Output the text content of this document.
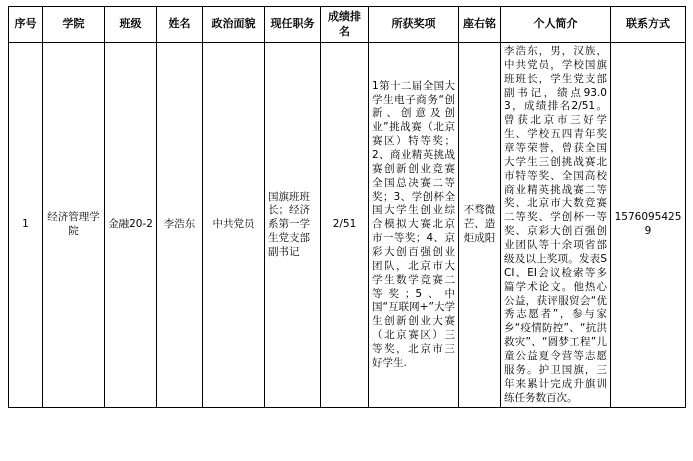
序号	学院	班级	姓名	政治面貌	现任职务	成绩排名	所获奖项	座右铭	个人简介	联系方式
1	经济管理学院	金融20-2	李浩东	中共党员	国旗班班长；经济系第一学生党支部副书记	2/51	1第十二届全国大学生电子商务“创新、创意及创业”挑战赛（北京赛区）特等奖；2、商业精英挑战赛创新创业竞赛全国总决赛二等奖；3、学创杯全国大学生创业综合模拟大赛北京市一等奖；4、京彩大创百强创业团队，北京市大学生数学竞赛二等奖；5、中国“互联网+”大学生创新创业大赛（北京赛区）三等奖，北京市三好学生.	不骛微芒、造炬成阳	李浩东，男，汉族，中共党员，学校国旗班班长，学生党支部副书记，绩点93.03，成绩排名2/51。曾获北京市三好学生、学校五四青年奖章等荣誉，曾获全国大学生三创挑战赛北市特等奖、全国高校商业精英挑战赛二等奖、北京市大数竞赛二等奖、学创杯一等奖、京彩大创百强创业团队等十余项省部级及以上奖项。发表SCI、EI会议检索等多篇学术论文。他热心公益，获评服贸会“优秀志愿者”，参与家乡“疫情防控”、“抗洪救灾”、“圆梦工程”儿童公益夏令营等志愿服务。护卫国旗，三年来累计完成升旗训练任务数百次。	15760954259
